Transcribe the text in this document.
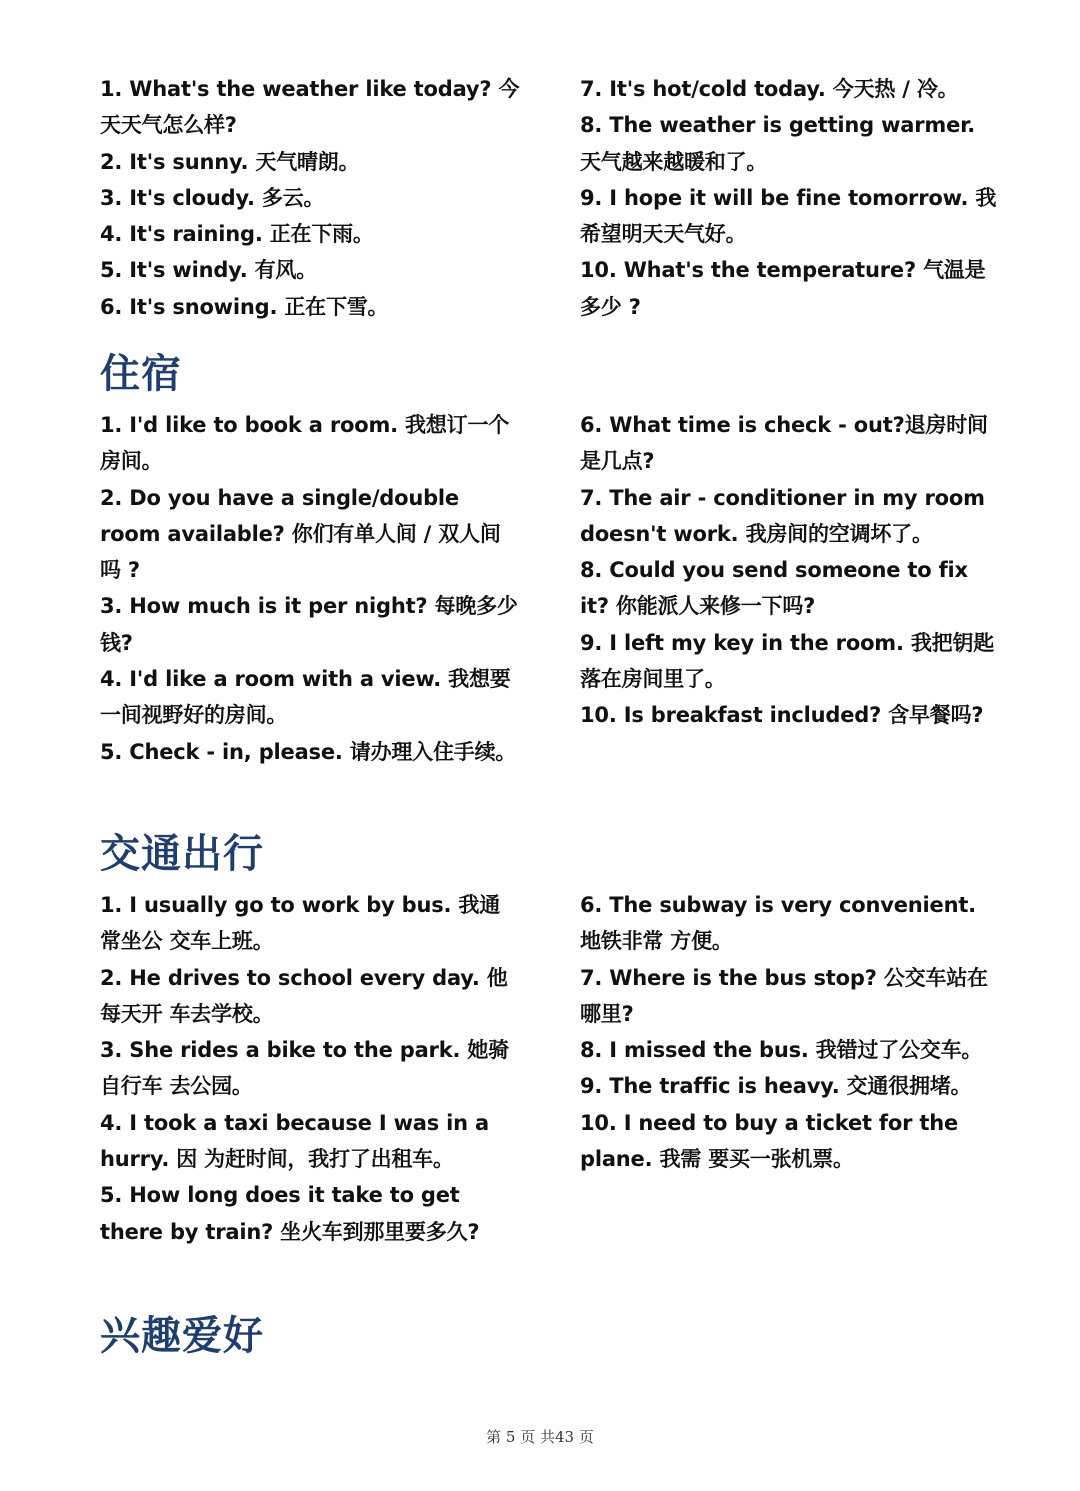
1. What's the weather like today? 今天天气怎么样?
2. It's sunny. 天气晴朗。
3. It's cloudy. 多云。
4. It's raining. 正在下雨。
5. It's windy. 有风。
6. It's snowing. 正在下雪。
7. It's hot/cold today. 今天热 / 冷。
8. The weather is getting warmer. 天气越来越暖和了。
9. I hope it will be fine tomorrow. 我希望明天天气好。
10. What's the temperature? 气温是多少 ?
住宿
1. I'd like to book a room. 我想订一个房间。
2. Do you have a single/double room available? 你们有单人间 / 双人间吗 ?
3. How much is it per night? 每晚多少钱?
4. I'd like a room with a view. 我想要一间视野好的房间。
5. Check - in, please. 请办理入住手续。
6. What time is check - out?退房时间是几点?
7. The air - conditioner in my room doesn't work. 我房间的空调坏了。
8. Could you send someone to fix it? 你能派人来修一下吗?
9. I left my key in the room. 我把钥匙落在房间里了。
10. Is breakfast included? 含早餐吗?
交通出行
1. I usually go to work by bus. 我通常坐公 交车上班。
2. He drives to school every day. 他每天开 车去学校。
3. She rides a bike to the park. 她骑自行车 去公园。
4. I took a taxi because I was in a hurry. 因 为赶时间，我打了出租车。
5. How long does it take to get there by train? 坐火车到那里要多久?
6. The subway is very convenient. 地铁非常 方便。
7. Where is the bus stop? 公交车站在哪里?
8. I missed the bus. 我错过了公交车。
9. The traffic is heavy. 交通很拥堵。
10. I need to buy a ticket for the plane. 我需 要买一张机票。
兴趣爱好
第 5 页 共43 页
